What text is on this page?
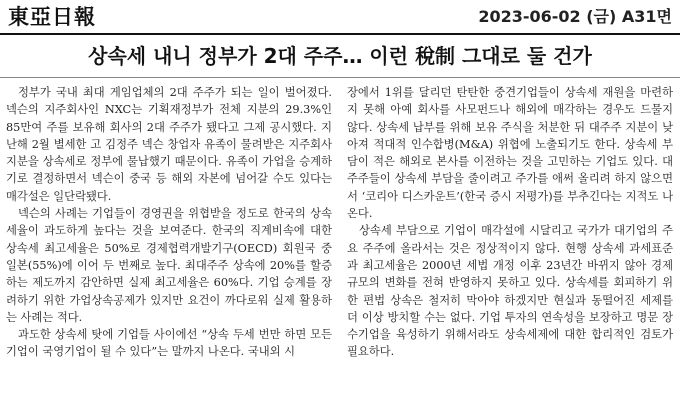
東亞日報	2023-06-02 (금) A31면
상속세 내니 정부가 2대 주주… 이런 稅制 그대로 둘 건가

정부가 국내 최대 게임업체의 2대 주주가 되는 일이 벌어졌다. 넥슨의 지주회사인 NXC는 기획재정부가 전체 지분의 29.3%인 85만여 주를 보유해 회사의 2대 주주가 됐다고 그제 공시했다. 지난해 2월 별세한 고 김정주 넥슨 창업자 유족이 물려받은 지주회사 지분을 상속세로 정부에 물납했기 때문이다. 유족이 가업을 승계하기로 결정하면서 넥슨이 중국 등 해외 자본에 넘어갈 수도 있다는 매각설은 일단락됐다.

넥슨의 사례는 기업들이 경영권을 위협받을 정도로 한국의 상속세율이 과도하게 높다는 것을 보여준다. 한국의 직계비속에 대한 상속세 최고세율은 50%로 경제협력개발기구(OECD) 회원국 중 일본(55%)에 이어 두 번째로 높다. 최대주주 상속에 20%를 할증하는 제도까지 감안하면 실제 최고세율은 60%다. 기업 승계를 장려하기 위한 가업상속공제가 있지만 요건이 까다로워 실제 활용하는 사례는 적다.

과도한 상속세 탓에 기업들 사이에선 “상속 두세 번만 하면 모든 기업이 국영기업이 될 수 있다”는 말까지 나온다. 국내외 시

장에서 1위를 달리던 탄탄한 중견기업들이 상속세 재원을 마련하지 못해 아예 회사를 사모펀드나 해외에 매각하는 경우도 드물지 않다. 상속세 납부를 위해 보유 주식을 처분한 뒤 대주주 지분이 낮아져 적대적 인수합병(M&A) 위협에 노출되기도 한다. 상속세 부담이 적은 해외로 본사를 이전하는 것을 고민하는 기업도 있다. 대주주들이 상속세 부담을 줄이려고 주가를 애써 올리려 하지 않으면서 ‘코리아 디스카운트’(한국 증시 저평가)를 부추긴다는 지적도 나온다.

상속세 부담으로 기업이 매각설에 시달리고 국가가 대기업의 주요 주주에 올라서는 것은 정상적이지 않다. 현행 상속세 과세표준과 최고세율은 2000년 세법 개정 이후 23년간 바뀌지 않아 경제 규모의 변화를 전혀 반영하지 못하고 있다. 상속세를 회피하기 위한 편법 상속은 철저히 막아야 하겠지만 현실과 동떨어진 세제를 더 이상 방치할 수는 없다. 기업 투자의 연속성을 보장하고 명문 장수기업을 육성하기 위해서라도 상속세제에 대한 합리적인 검토가 필요하다.
